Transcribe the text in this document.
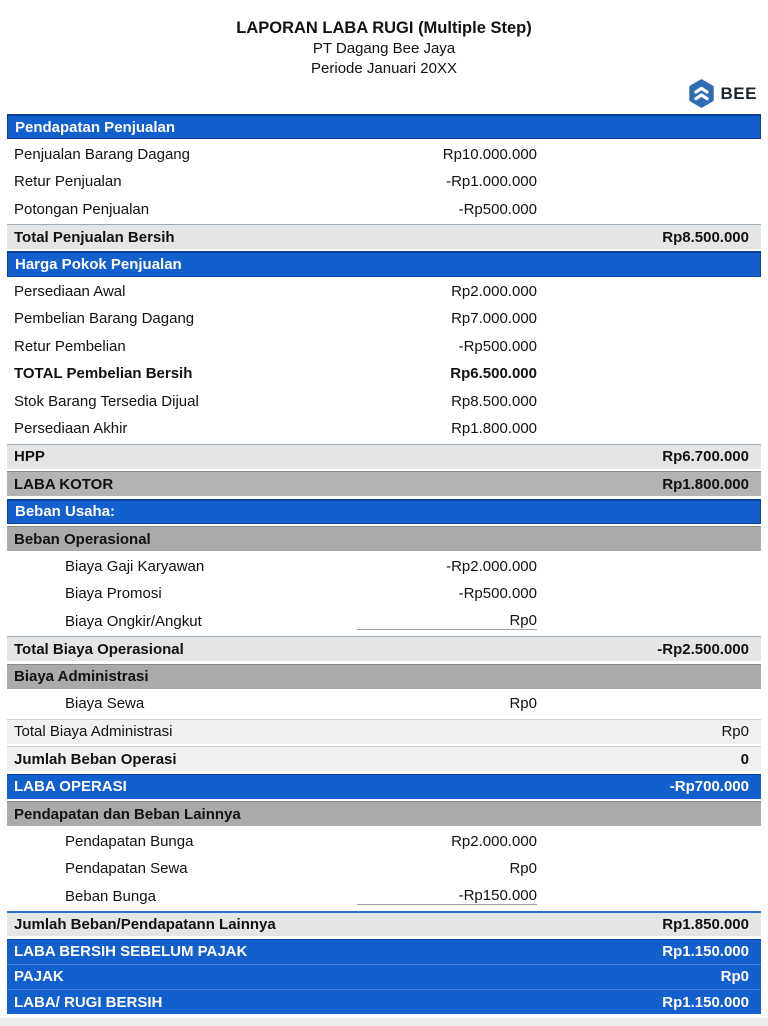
LAPORAN LABA RUGI (Multiple Step)
PT Dagang Bee Jaya
Periode Januari 20XX
BEE
Pendapatan Penjualan
Penjualan Barang Dagang	Rp10.000.000
Retur Penjualan	-Rp1.000.000
Potongan Penjualan	-Rp500.000
Total Penjualan Bersih	Rp8.500.000
Harga Pokok Penjualan
Persediaan Awal	Rp2.000.000
Pembelian Barang Dagang	Rp7.000.000
Retur Pembelian	-Rp500.000
TOTAL Pembelian Bersih	Rp6.500.000
Stok Barang Tersedia Dijual	Rp8.500.000
Persediaan Akhir	Rp1.800.000
HPP	Rp6.700.000
LABA KOTOR	Rp1.800.000
Beban Usaha:
Beban Operasional
Biaya Gaji Karyawan	-Rp2.000.000
Biaya Promosi	-Rp500.000
Biaya Ongkir/Angkut	Rp0
Total Biaya Operasional	-Rp2.500.000
Biaya Administrasi
Biaya Sewa	Rp0
Total Biaya Administrasi	Rp0
Jumlah Beban Operasi	0
LABA OPERASI	-Rp700.000
Pendapatan dan Beban Lainnya
Pendapatan Bunga	Rp2.000.000
Pendapatan Sewa	Rp0
Beban Bunga	-Rp150.000
Jumlah Beban/Pendapatann Lainnya	Rp1.850.000
LABA BERSIH SEBELUM PAJAK	Rp1.150.000
PAJAK	Rp0
LABA/ RUGI BERSIH	Rp1.150.000
